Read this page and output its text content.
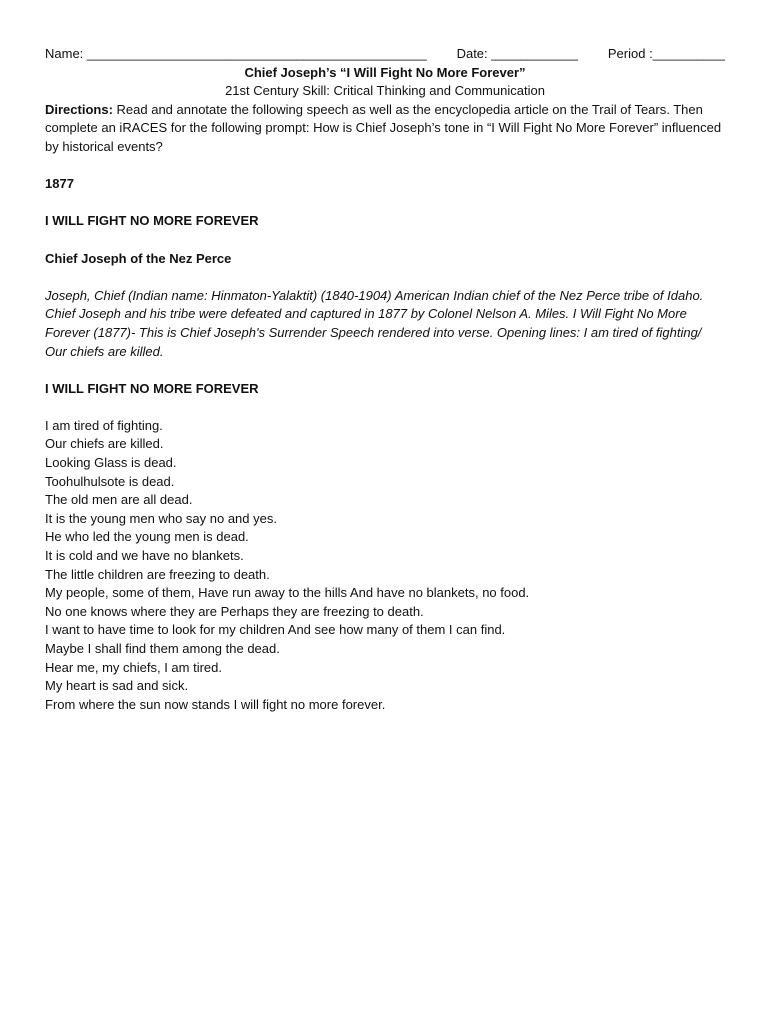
Name: _______________________________________________ Date: ____________ Period :__________
Chief Joseph’s “I Will Fight No More Forever”
21st Century Skill: Critical Thinking and Communication
Directions: Read and annotate the following speech as well as the encyclopedia article on the Trail of Tears. Then complete an iRACES for the following prompt: How is Chief Joseph’s tone in “I Will Fight No More Forever” influenced by historical events?
1877
I WILL FIGHT NO MORE FOREVER
Chief Joseph of the Nez Perce
Joseph, Chief (Indian name: Hinmaton-Yalaktit) (1840-1904) American Indian chief of the Nez Perce tribe of Idaho. Chief Joseph and his tribe were defeated and captured in 1877 by Colonel Nelson A. Miles. I Will Fight No More Forever (1877)- This is Chief Joseph's Surrender Speech rendered into verse. Opening lines: I am tired of fighting/ Our chiefs are killed.
I WILL FIGHT NO MORE FOREVER
I am tired of fighting.
Our chiefs are killed.
Looking Glass is dead.
Toohulhulsote is dead.
The old men are all dead.
It is the young men who say no and yes.
He who led the young men is dead.
It is cold and we have no blankets.
The little children are freezing to death.
My people, some of them, Have run away to the hills And have no blankets, no food.
No one knows where they are Perhaps they are freezing to death.
I want to have time to look for my children And see how many of them I can find.
Maybe I shall find them among the dead.
Hear me, my chiefs, I am tired.
My heart is sad and sick.
From where the sun now stands I will fight no more forever.
